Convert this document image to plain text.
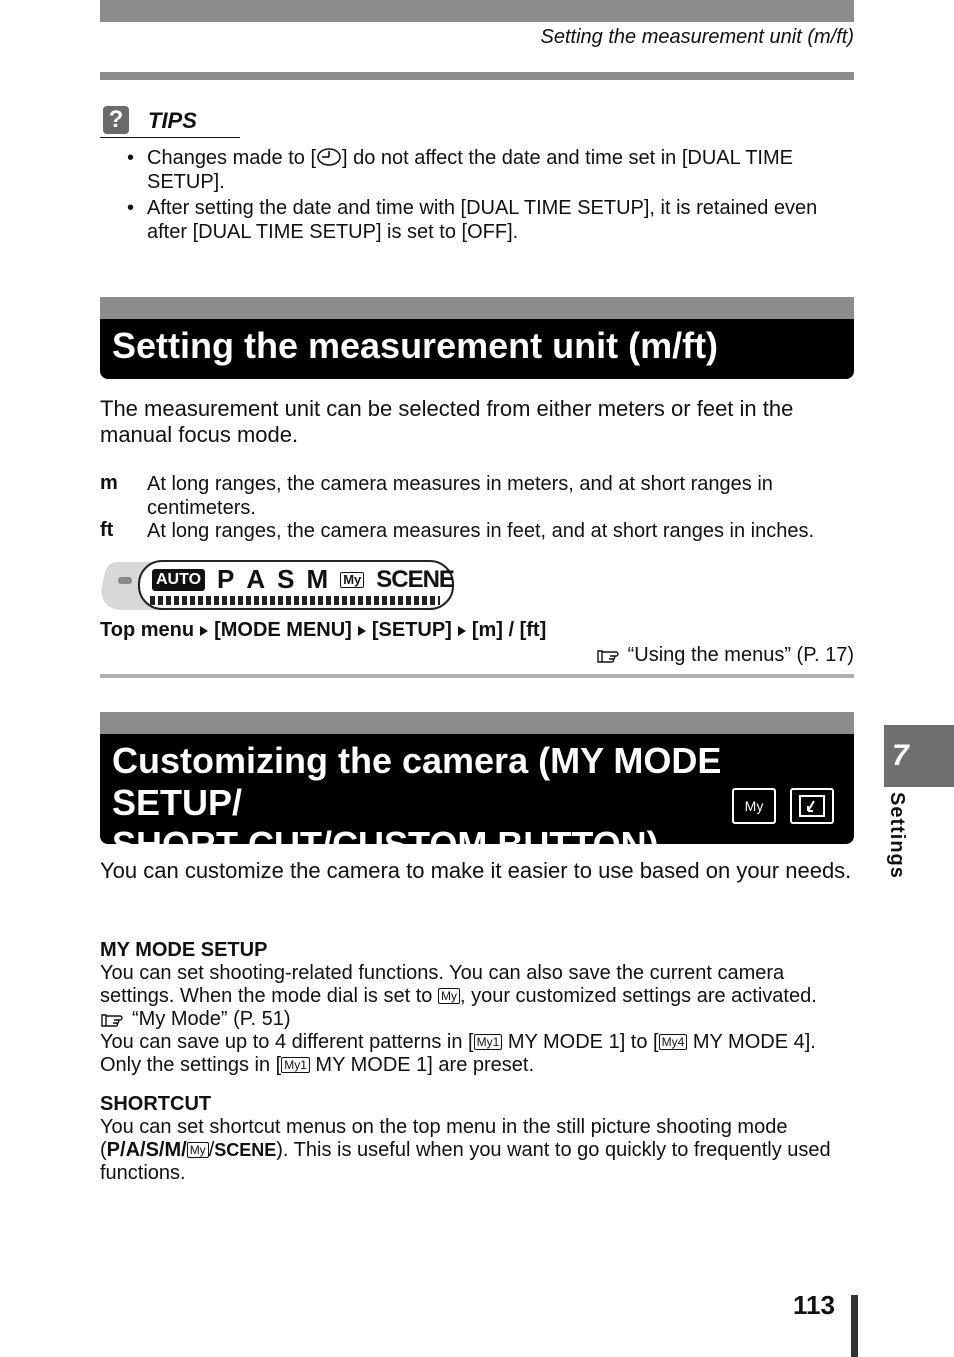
Setting the measurement unit (m/ft)
? TIPS
• Changes made to [ ] do not affect the date and time set in [DUAL TIME SETUP].
• After setting the date and time with [DUAL TIME SETUP], it is retained even after [DUAL TIME SETUP] is set to [OFF].
Setting the measurement unit (m/ft)

The measurement unit can be selected from either meters or feet in the manual focus mode.

m At long ranges, the camera measures in meters, and at short ranges in centimeters.
ft At long ranges, the camera measures in feet, and at short ranges in inches.
AUTO P A S M My SCENE
Top menu [MODE MENU] [SETUP] [m] / [ft]
“Using the menus” (P. 17)
Customizing the camera (MY MODE SETUP/
SHORT CUT/CUSTOM BUTTON)
My

You can customize the camera to make it easier to use based on your needs.

MY MODE SETUP
You can set shooting-related functions. You can also save the current camera settings. When the mode dial is set to My , your customized settings are activated.
“My Mode” (P. 51)
You can save up to 4 different patterns in [ My1 MY MODE 1] to [ My4 MY MODE 4]. Only the settings in [ My1 MY MODE 1] are preset.
SHORTCUT
You can set shortcut menus on the top menu in the still picture shooting mode (P/A/S/M/ My /SCENE). This is useful when you want to go quickly to frequently used functions.
7
Settings
113
